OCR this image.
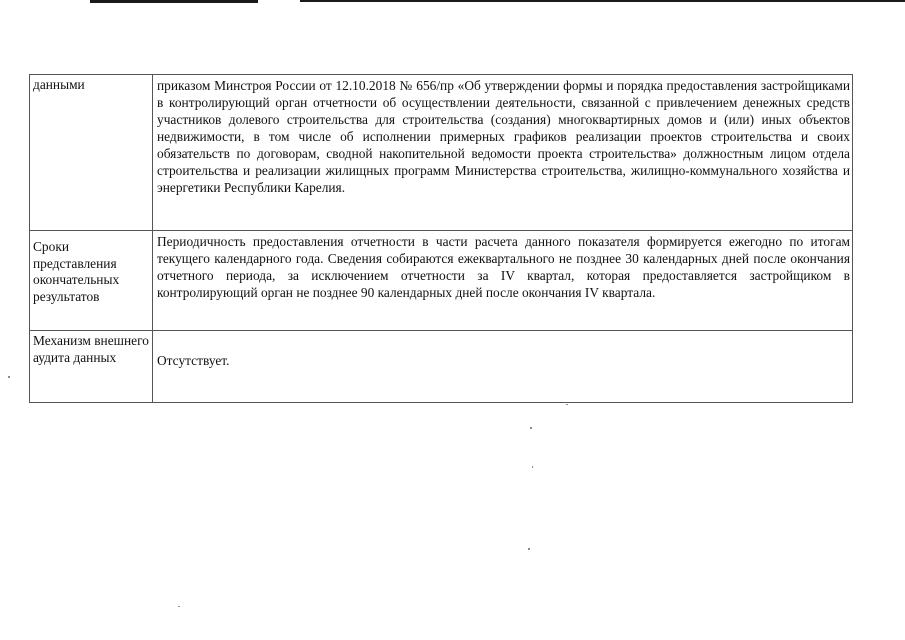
данными	приказом Минстроя России от 12.10.2018 № 656/пр «Об утверждении формы и порядка предоставления застройщиками в контролирующий орган отчетности об осуществлении деятельности, связанной с привлечением денежных средств участников долевого строительства для строительства (создания) многоквартирных домов и (или) иных объектов недвижимости, в том числе об исполнении примерных графиков реализации проектов строительства и своих обязательств по договорам, сводной накопительной ведомости проекта строительства» должностным лицом отдела строительства и реализации жилищных программ Министерства строительства, жилищно-коммунального хозяйства и энергетики Республики Карелия.
Сроки представления окончательных результатов	Периодичность предоставления отчетности в части расчета данного показателя формируется ежегодно по итогам текущего календарного года. Сведения собираются ежеквартального не позднее 30 календарных дней после окончания отчетного периода, за исключением отчетности за IV квартал, которая предоставляется застройщиком в контролирующий орган не позднее 90 календарных дней после окончания IV квартала.
Механизм внешнего аудита данных	Отсутствует.
